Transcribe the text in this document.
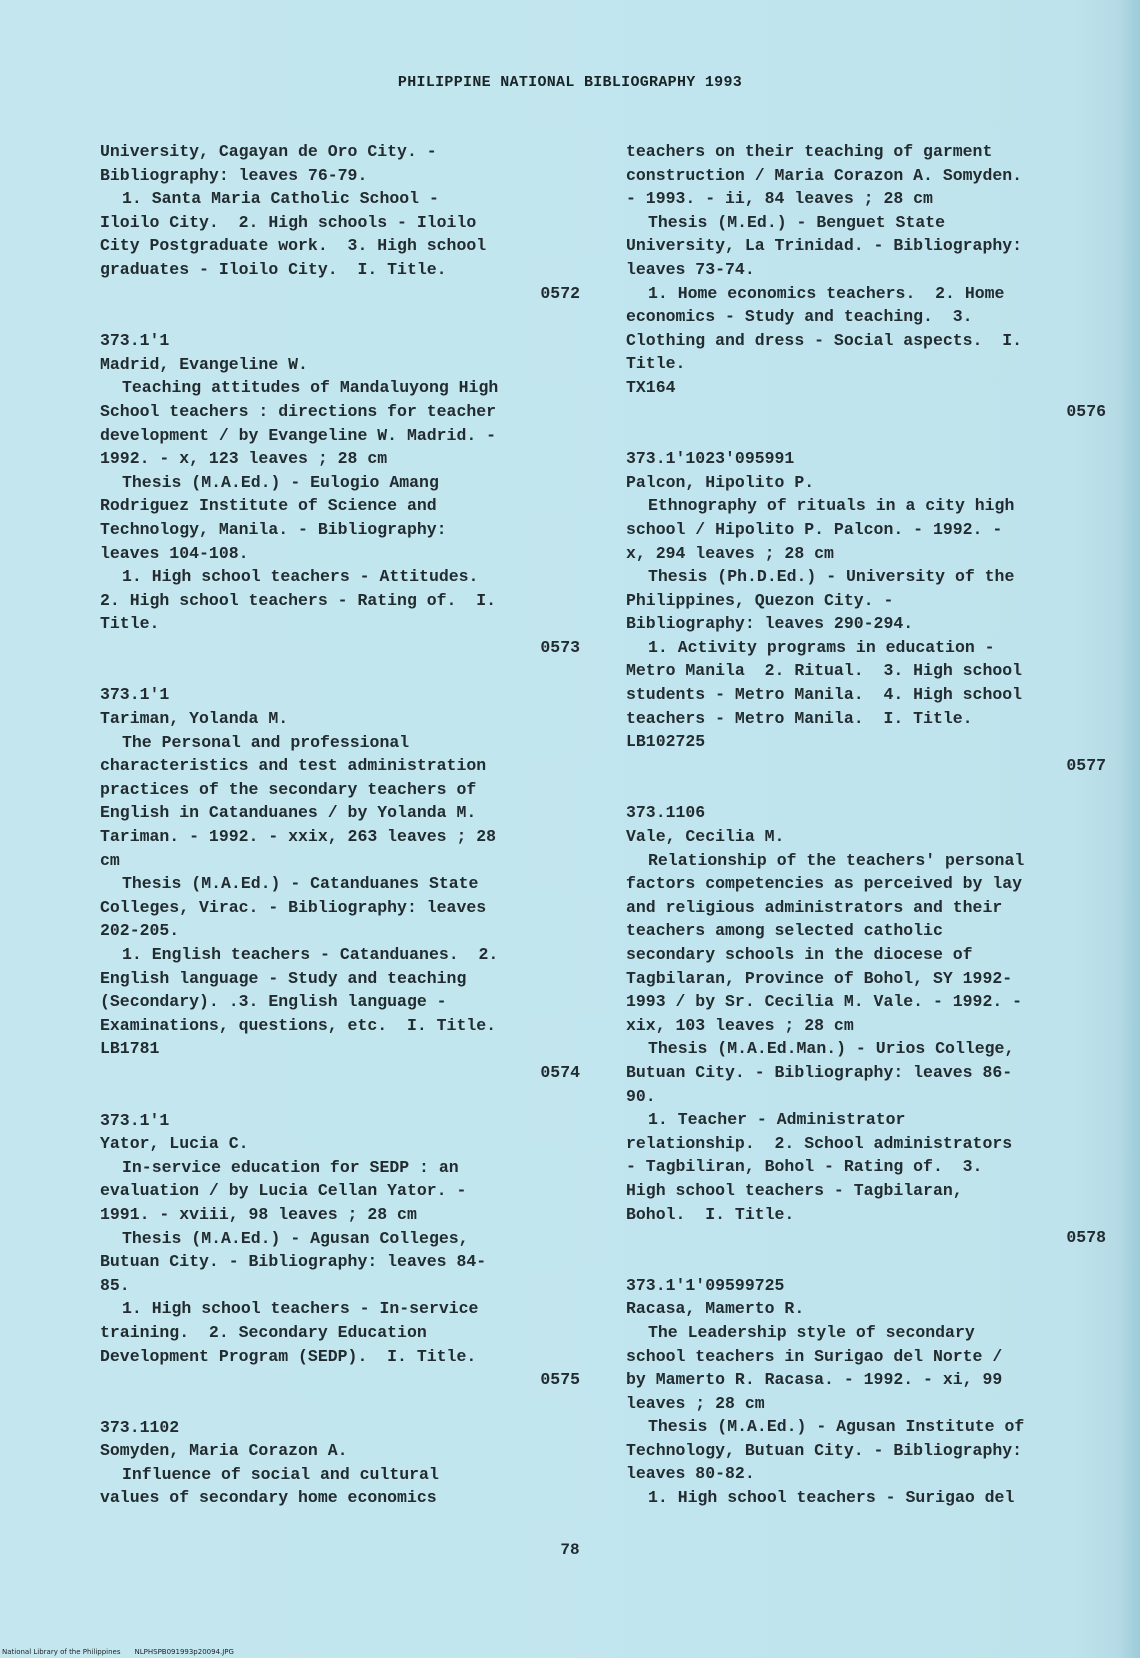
PHILIPPINE NATIONAL BIBLIOGRAPHY 1993
University, Cagayan de Oro City. -
Bibliography: leaves 76-79.
1. Santa Maria Catholic School -
Iloilo City.  2. High schools - Iloilo
City Postgraduate work.  3. High school
graduates - Iloilo City.  I. Title.
0572
373.1'1
Madrid, Evangeline W.
Teaching attitudes of Mandaluyong High
School teachers : directions for teacher
development / by Evangeline W. Madrid. -
1992. - x, 123 leaves ; 28 cm
Thesis (M.A.Ed.) - Eulogio Amang
Rodriguez Institute of Science and
Technology, Manila. - Bibliography:
leaves 104-108.
1. High school teachers - Attitudes.
2. High school teachers - Rating of.  I.
Title.
0573
373.1'1
Tariman, Yolanda M.
The Personal and professional
characteristics and test administration
practices of the secondary teachers of
English in Catanduanes / by Yolanda M.
Tariman. - 1992. - xxix, 263 leaves ; 28
cm
Thesis (M.A.Ed.) - Catanduanes State
Colleges, Virac. - Bibliography: leaves
202-205.
1. English teachers - Catanduanes.  2.
English language - Study and teaching
(Secondary). .3. English language -
Examinations, questions, etc.  I. Title.
LB1781
0574
373.1'1
Yator, Lucia C.
In-service education for SEDP : an
evaluation / by Lucia Cellan Yator. -
1991. - xviii, 98 leaves ; 28 cm
Thesis (M.A.Ed.) - Agusan Colleges,
Butuan City. - Bibliography: leaves 84-
85.
1. High school teachers - In-service
training.  2. Secondary Education
Development Program (SEDP).  I. Title.
0575
373.1102
Somyden, Maria Corazon A.
Influence of social and cultural
values of secondary home economics
teachers on their teaching of garment
construction / Maria Corazon A. Somyden.
- 1993. - ii, 84 leaves ; 28 cm
Thesis (M.Ed.) - Benguet State
University, La Trinidad. - Bibliography:
leaves 73-74.
1. Home economics teachers.  2. Home
economics - Study and teaching.  3.
Clothing and dress - Social aspects.  I.
Title.
TX164
0576
373.1'1023'095991
Palcon, Hipolito P.
Ethnography of rituals in a city high
school / Hipolito P. Palcon. - 1992. -
x, 294 leaves ; 28 cm
Thesis (Ph.D.Ed.) - University of the
Philippines, Quezon City. -
Bibliography: leaves 290-294.
1. Activity programs in education -
Metro Manila  2. Ritual.  3. High school
students - Metro Manila.  4. High school
teachers - Metro Manila.  I. Title.
LB102725
0577
373.1106
Vale, Cecilia M.
Relationship of the teachers' personal
factors competencies as perceived by lay
and religious administrators and their
teachers among selected catholic
secondary schools in the diocese of
Tagbilaran, Province of Bohol, SY 1992-
1993 / by Sr. Cecilia M. Vale. - 1992. -
xix, 103 leaves ; 28 cm
Thesis (M.A.Ed.Man.) - Urios College,
Butuan City. - Bibliography: leaves 86-
90.
1. Teacher - Administrator
relationship.  2. School administrators
- Tagbiliran, Bohol - Rating of.  3.
High school teachers - Tagbilaran,
Bohol.  I. Title.
0578
373.1'1'09599725
Racasa, Mamerto R.
The Leadership style of secondary
school teachers in Surigao del Norte /
by Mamerto R. Racasa. - 1992. - xi, 99
leaves ; 28 cm
Thesis (M.A.Ed.) - Agusan Institute of
Technology, Butuan City. - Bibliography:
leaves 80-82.
1. High school teachers - Surigao del
78
National Library of the Philippines NLPHSPB091993p20094.JPG
